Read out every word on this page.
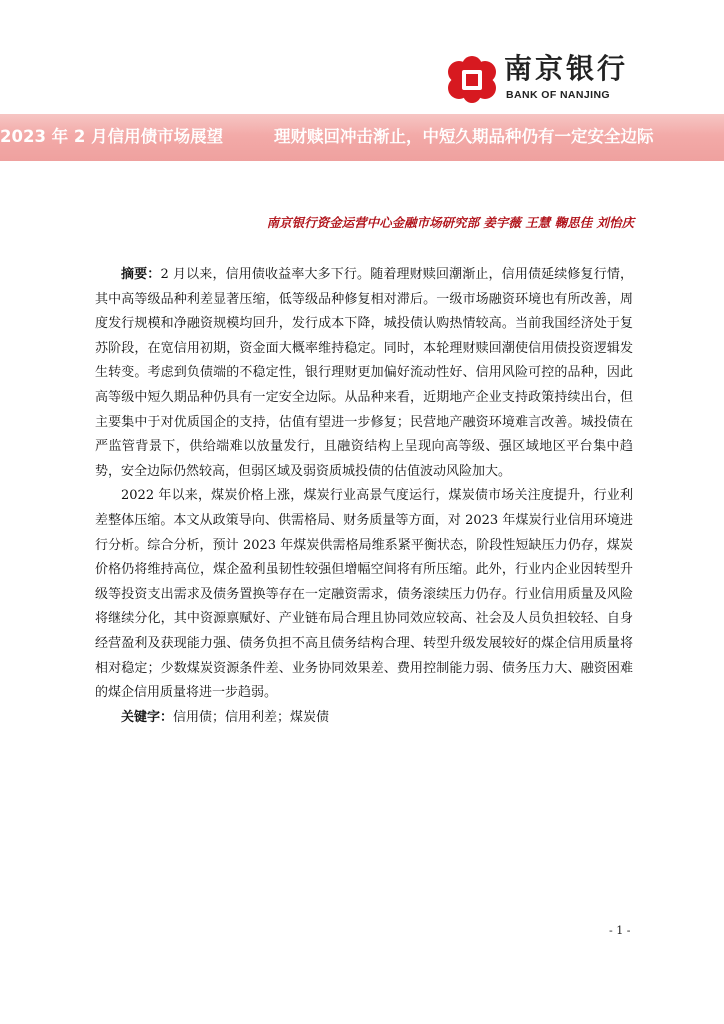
南京银行
BANK OF NANJING
2023 年 2 月信用债市场展望	理财赎回冲击渐止，中短久期品种仍有一定安全边际
南京银行资金运营中心金融市场研究部 姜宇薇 王慧 鞠思佳 刘怡庆

摘要：2 月以来，信用债收益率大多下行。随着理财赎回潮渐止，信用债延续修复行情，其中高等级品种利差显著压缩，低等级品种修复相对滞后。一级市场融资环境也有所改善，周度发行规模和净融资规模均回升，发行成本下降，城投债认购热情较高。当前我国经济处于复苏阶段，在宽信用初期，资金面大概率维持稳定。同时，本轮理财赎回潮使信用债投资逻辑发生转变。考虑到负债端的不稳定性，银行理财更加偏好流动性好、信用风险可控的品种，因此高等级中短久期品种仍具有一定安全边际。从品种来看，近期地产企业支持政策持续出台，但主要集中于对优质国企的支持，估值有望进一步修复；民营地产融资环境难言改善。城投债在严监管背景下，供给端难以放量发行，且融资结构上呈现向高等级、强区域地区平台集中趋势，安全边际仍然较高，但弱区域及弱资质城投债的估值波动风险加大。

2022 年以来，煤炭价格上涨，煤炭行业高景气度运行，煤炭债市场关注度提升，行业利差整体压缩。本文从政策导向、供需格局、财务质量等方面，对 2023 年煤炭行业信用环境进行分析。综合分析，预计 2023 年煤炭供需格局维系紧平衡状态，阶段性短缺压力仍存，煤炭价格仍将维持高位，煤企盈利虽韧性较强但增幅空间将有所压缩。此外，行业内企业因转型升级等投资支出需求及债务置换等存在一定融资需求，债务滚续压力仍存。行业信用质量及风险将继续分化，其中资源禀赋好、产业链布局合理且协同效应较高、社会及人员负担较轻、自身经营盈利及获现能力强、债务负担不高且债务结构合理、转型升级发展较好的煤企信用质量将相对稳定；少数煤炭资源条件差、业务协同效果差、费用控制能力弱、债务压力大、融资困难的煤企信用质量将进一步趋弱。

关键字：信用债；信用利差；煤炭债

- 1 -
